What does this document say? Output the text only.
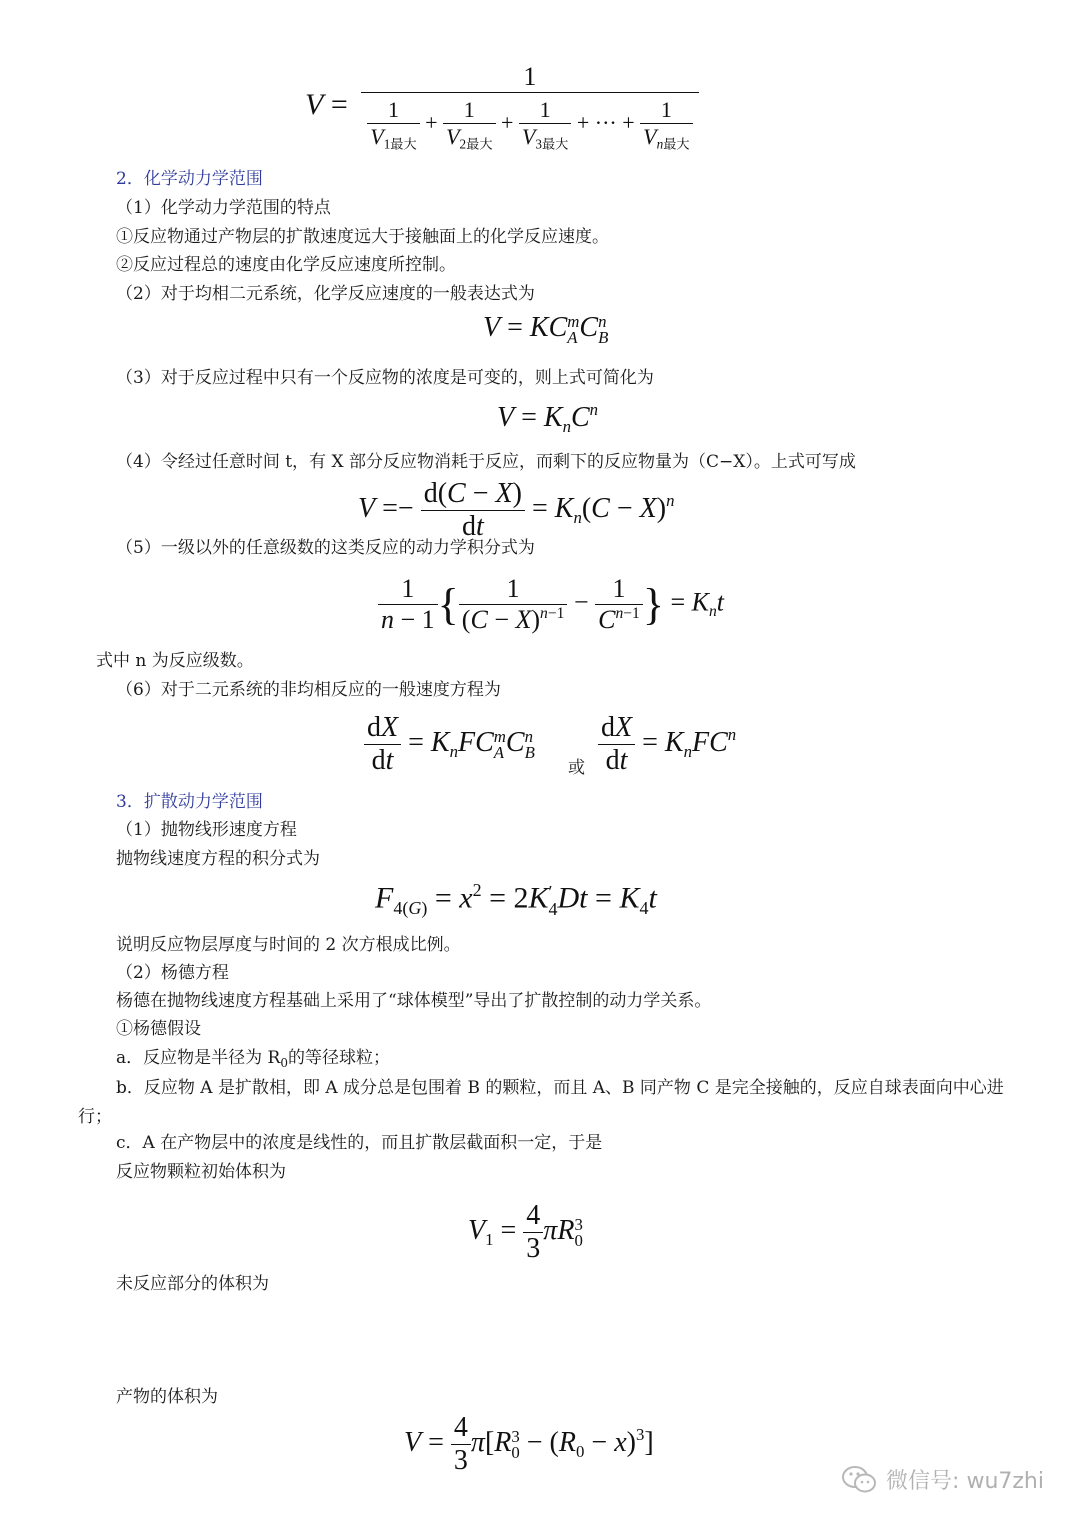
$V = \frac{1}{\frac{1}{V_{1最大}} + \frac{1}{V_{2最大}} + \frac{1}{V_{3最大}} + \cdot\cdot\cdot + \frac{1}{V_{n最大}}}$
2．化学动力学范围
（1）化学动力学范围的特点
①反应物通过产物层的扩散速度远大于接触面上的化学反应速度。
②反应过程总的速度由化学反应速度所控制。
（2）对于均相二元系统，化学反应速度的一般表达式为
V = KC m
A C n
B
（3）对于反应过程中只有一个反应物的浓度是可变的，则上式可简化为
$V = K_nC^n$
（4）令经过任意时间 t，有 X 部分反应物消耗于反应，而剩下的反应物量为（C−X）。上式可写成
$V =- \frac{d(C - X)}{dt} = K_n(C - X)^n$
（5）一级以外的任意级数的这类反应的动力学积分式为
$\frac{1}{n - 1}$ { $\frac{1}{(C - X)^{n-1}} - \frac{1}{C^{n-1}}$ } = $K_nt$
式中 n 为反应级数。
（6）对于二元系统的非均相反应的一般速度方程为
$\frac{dX}{dt} = K_nFC$ m
A C n
B
或 $\frac{dX}{dt} = K_nFC^n$
3．扩散动力学范围
（1）抛物线形速度方程
抛物线速度方程的积分式为
$F_{4(G)} = x^2 = 2K$ ′
4 $Dt = K_4t$
说明反应物层厚度与时间的 2 次方根成比例。
（2）杨德方程
杨德在抛物线速度方程基础上采用了“球体模型”导出了扩散控制的动力学关系。
①杨德假设
a．反应物是半径为 $R_0$的等径球粒；
b．反应物 A 是扩散相，即 A 成分总是包围着 B 的颗粒，而且 A、B 同产物 C 是完全接触的，反应自球表面向中心进行；
c．A 在产物层中的浓度是线性的，而且扩散层截面积一定，于是
反应物颗粒初始体积为
$V_1 = \frac{4}{3}$ πR 3
0
未反应部分的体积为
产物的体积为
$V = \frac{4}{3} \pi[R$ 3
$0 - (R_0 - x)^3$]
微信号: wu7zhi
